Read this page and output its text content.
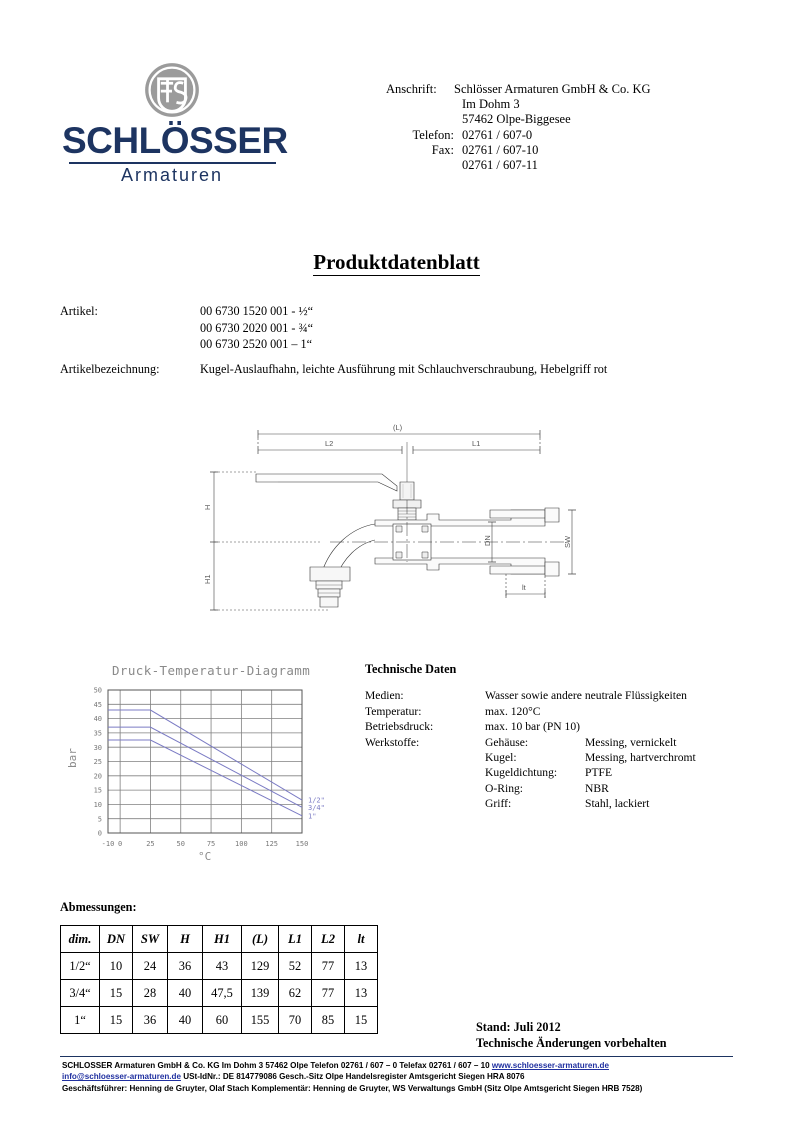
SCHLÖSSER
Armaturen
Anschrift: Schlösser Armaturen GmbH & Co. KG
Im Dohm 3
57462 Olpe-Biggesee
Telefon: 02761 / 607-0
Fax: 02761 / 607-10
02761 / 607-11
Produktdatenblatt
Artikel:	00 6730 1520 001 - ½“
00 6730 2020 001 - ¾“
00 6730 2520 001 – 1“
Artikelbezeichnung:	Kugel-Auslaufhahn, leichte Ausführung mit Schlauchverschraubung, Hebelgriff rot
(L)
L2	L1
H
H1
DN	SW
lt
Druck-Temperatur-Diagramm
0
5
10
15
20
25
30
35
40
45
50
-10 0	25	50	75	100	125	150
1/2"
3/4"
1"
bar
°C
Technische Daten
Medien:	Wasser sowie andere neutrale Flüssigkeiten
Temperatur:	max. 120°C
Betriebsdruck:	max. 10 bar (PN 10)
Werkstoffe:	Gehäuse:	Messing, vernickelt
Kugel:	Messing, hartverchromt
Kugeldichtung:	PTFE
O-Ring:	NBR
Griff:	Stahl, lackiert
Abmessungen:
dim.	DN	SW	H	H1	(L)	L1	L2	lt
1/2“	10	24	36	43	129	52	77	13
3/4“	15	28	40	47,5	139	62	77	13
1“	15	36	40	60	155	70	85	15
Stand: Juli 2012
Technische Änderungen vorbehalten
SCHLOSSER Armaturen GmbH & Co. KG Im Dohm 3 57462 Olpe Telefon 02761 / 607 – 0 Telefax 02761 / 607 – 10 www.schloesser-armaturen.de
info@schloesser-armaturen.de USt-IdNr.: DE 814779086 Gesch.-Sitz Olpe Handelsregister Amtsgericht Siegen HRA 8076
Geschäftsführer: Henning de Gruyter, Olaf Stach Komplementär: Henning de Gruyter, WS Verwaltungs GmbH (Sitz Olpe Amtsgericht Siegen HRB 7528)
